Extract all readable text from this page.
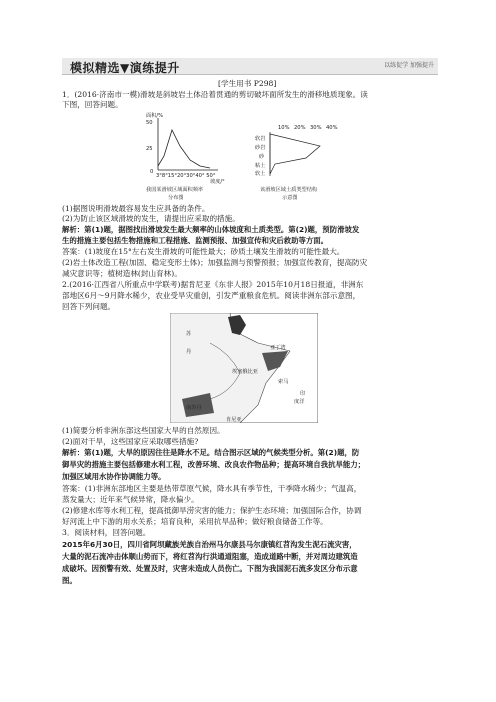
模拟精选▼演练提升	以练促学 加强提升
[学生用书 P298]
1．(2016·济南市一模)滑坡是斜坡岩土体沿着贯通的剪切破坏面所发生的滑移地质现象。读
下图，回答问题。
面积/%
50
25
0
3°8°15°20°30°40° 50°
坡度/°
我国某滑坡区域面积频率
分布图
10% 20% 30% 40%
软岩
砂岩
砂
粘土
软土
该滑坡区域土质类型结构
示意图
(1)据图说明滑坡最容易发生应具备的条件。
(2)为防止该区域滑坡的发生，请提出应采取的措施。
解析：第(1)题，据图找出滑坡发生最大频率的山体坡度和土质类型。第(2)题，预防滑坡发
生的措施主要包括生物措施和工程措施、监测预报、加强宣传和灾后救助等方面。
答案：(1)坡度在15°左右发生滑坡的可能性最大；砂质土壤发生滑坡的可能性最大。
(2)岩土体改造工程(加固、稳定变形土体)；加强监测与预警预报；加强宣传教育，提高防灾
减灾意识等；植树造林(封山育林)。
2.(2016·江西省八所重点中学联考)据肯尼亚《东非人报》2015年10月18日报道，非洲东
部地区6月～9月降水稀少，农业受旱灾重创，引发严重粮食危机。阅读非洲东部示意图，
回答下列问题。
苏
丹
埃塞俄比亚
亚丁湾
索马
南苏丹
印
度洋
肯尼亚
(1)简要分析非洲东部这些国家大旱的自然原因。
(2)面对干旱，这些国家应采取哪些措施?
解析：第(1)题，大旱的原因往往是降水不足。结合图示区域的气候类型分析。第(2)题，防
御旱灾的措施主要包括修建水利工程，改善环境、改良农作物品种；提高环境自我抗旱能力；
加强区域用水协作协调能力等。
答案：(1)非洲东部地区主要是热带草原气候，降水具有季节性，干季降水稀少；气温高，
蒸发量大；近年来气候异常，降水偏少。
(2)修建水库等水利工程，提高抵御旱涝灾害的能力；保护生态环境；加强国际合作，协调
好河流上中下游的用水关系；培育良种，采用抗旱品种；做好粮食储备工作等。
3．阅读材料，回答问题。
2015年6月30日，四川省阿坝藏族羌族自治州马尔康县马尔康镇红苕沟发生泥石流灾害，
大量的泥石流冲击体顺山势而下，将红苕沟行洪通道阻塞，造成道路中断，并对周边建筑造
成破坏。因预警有效、处置及时，灾害未造成人员伤亡。下图为我国泥石流多发区分布示意
图。
